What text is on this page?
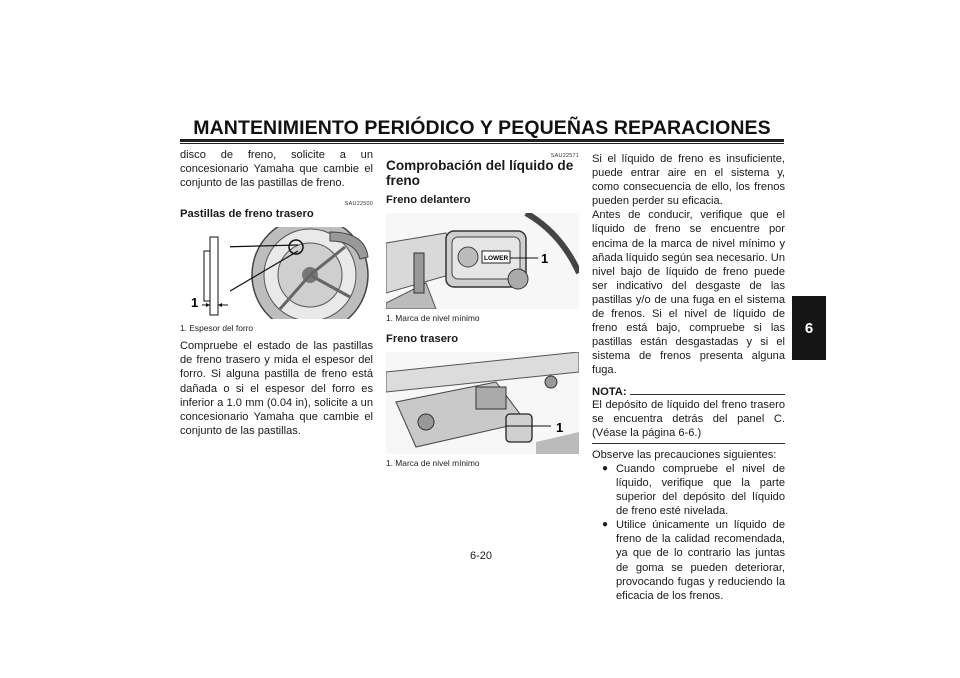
MANTENIMIENTO PERIÓDICO Y PEQUEÑAS REPARACIONES
6

disco de freno, solicite a un concesionario Yamaha que cambie el conjunto de las pastillas de freno.

SAU22500
Pastillas de freno trasero
1
1. Espesor del forro

Compruebe el estado de las pastillas de freno trasero y mida el espesor del forro. Si alguna pastilla de freno está dañada o si el espesor del forro es inferior a 1.0 mm (0.04 in), solicite a un concesionario Yamaha que cambie el conjunto de las pastillas.

SAU22571
Comprobación del líquido de freno
Freno delantero
LOWER	1
1. Marca de nivel mínimo
Freno trasero
1
1. Marca de nivel mínimo

Si el líquido de freno es insuficiente, puede entrar aire en el sistema y, como consecuencia de ello, los frenos pueden perder su eficacia.

Antes de conducir, verifique que el líquido de freno se encuentre por encima de la marca de nivel mínimo y añada líquido según sea necesario. Un nivel bajo de líquido de freno puede ser indicativo del desgaste de las pastillas y/o de una fuga en el sistema de frenos. Si el nivel de líquido de freno está bajo, compruebe si las pastillas están desgastadas y si el sistema de frenos presenta alguna fuga.

NOTA:

El depósito de líquido del freno trasero se encuentra detrás del panel C. (Véase la página 6-6.)

Observe las precauciones siguientes:

● Cuando compruebe el nivel de líquido, verifique que la parte superior del depósito del líquido de freno esté nivelada.
● Utilice únicamente un líquido de freno de la calidad recomendada, ya que de lo contrario las juntas de goma se pueden deteriorar, provocando fugas y reduciendo la eficacia de los frenos.
6-20
